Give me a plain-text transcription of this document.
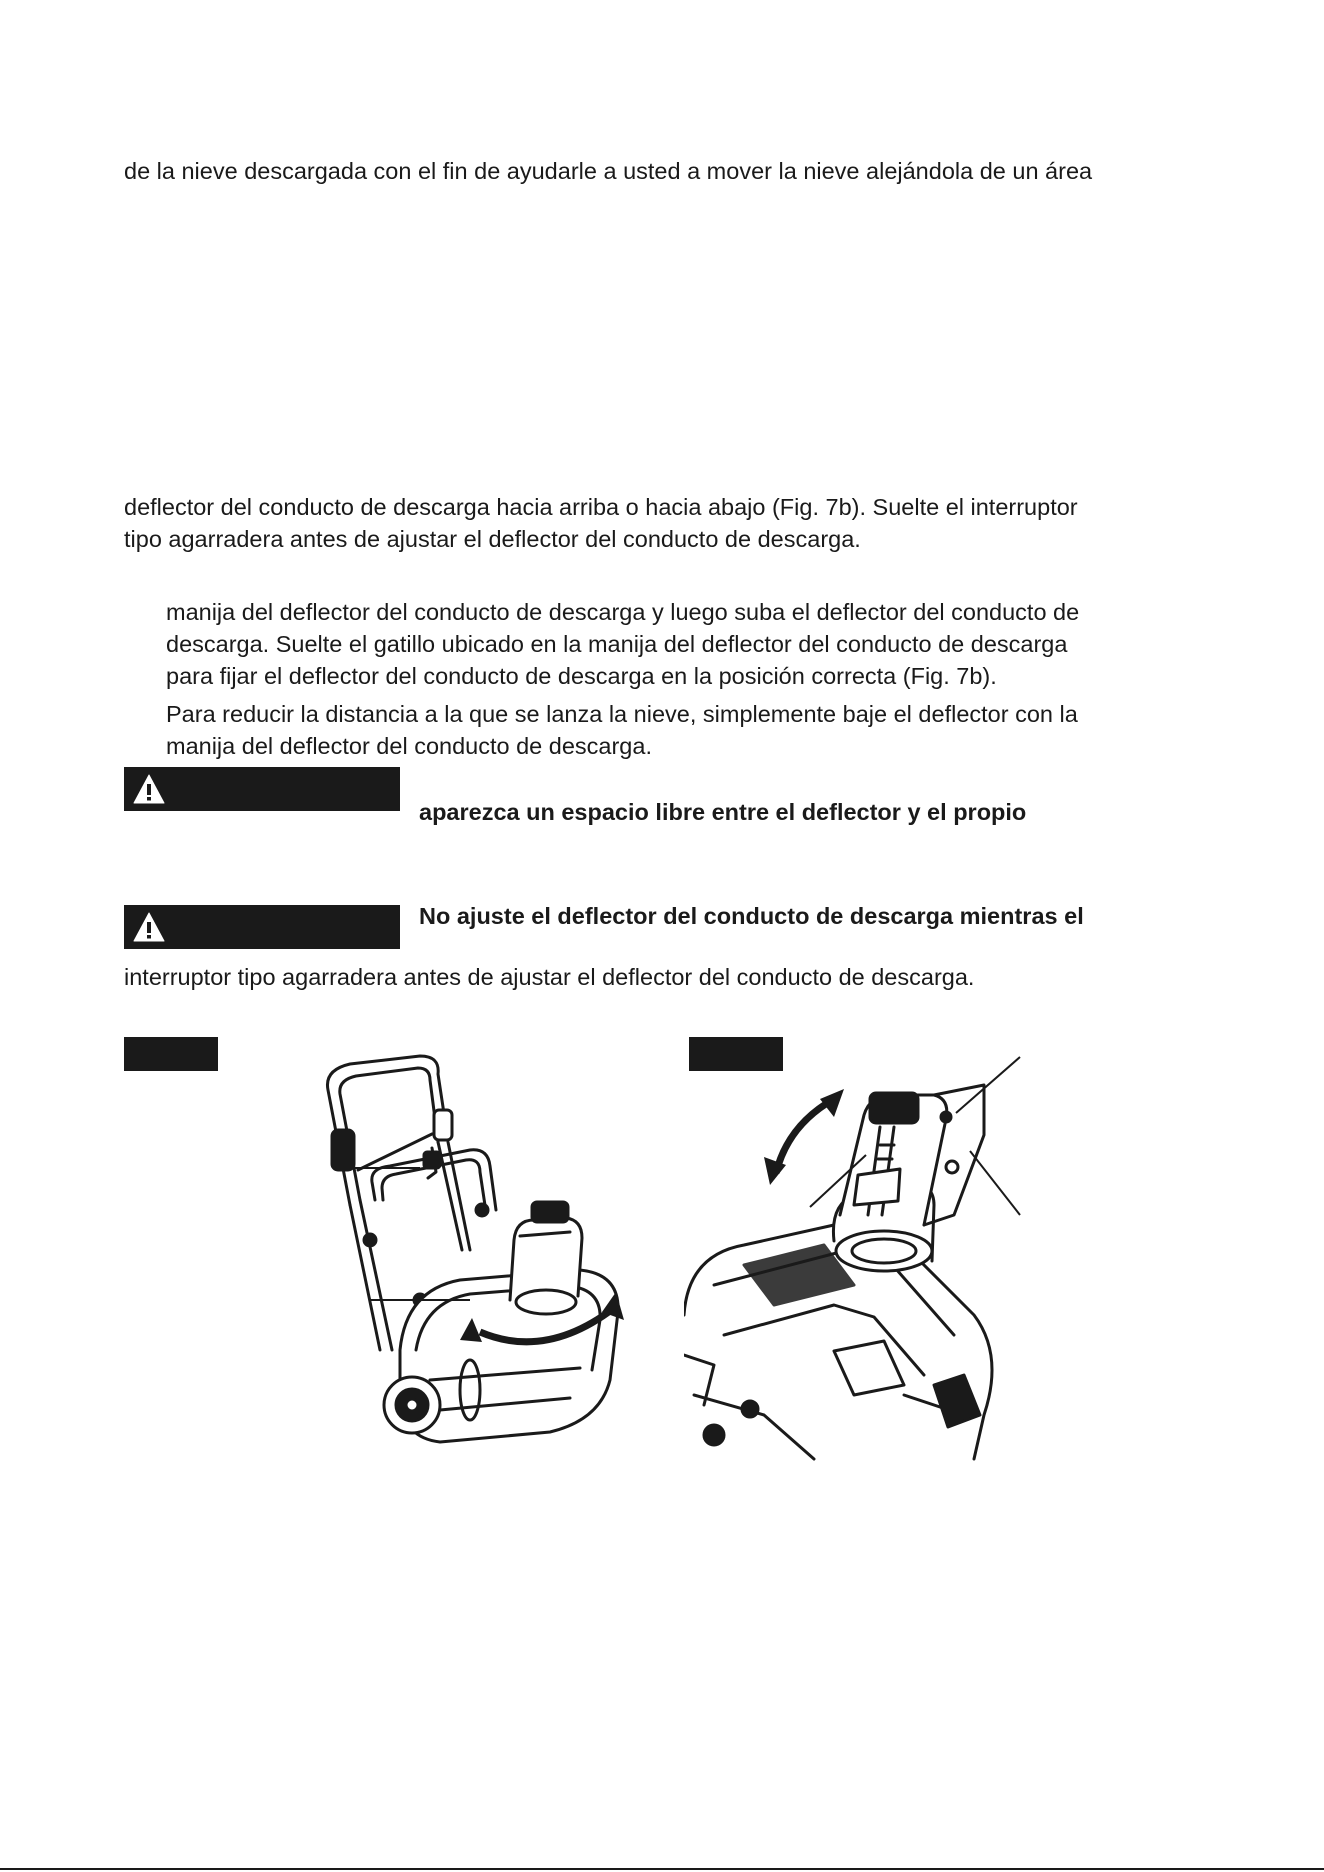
de la nieve descargada con el fin de ayudarle a usted a mover la nieve alejándola de un área

deflector del conducto de descarga hacia arriba o hacia abajo (Fig. 7b). Suelte el interruptor

tipo agarradera antes de ajustar el deflector del conducto de descarga.

manija del deflector del conducto de descarga y luego suba el deflector del conducto de

descarga. Suelte el gatillo ubicado en la manija del deflector del conducto de descarga

para fijar el deflector del conducto de descarga en la posición correcta (Fig. 7b).

Para reducir la distancia a la que se lanza la nieve, simplemente baje el deflector con la

manija del deflector del conducto de descarga.

aparezca un espacio libre entre el deflector y el propio

No ajuste el deflector del conducto de descarga mientras el

interruptor tipo agarradera antes de ajustar el deflector del conducto de descarga.
